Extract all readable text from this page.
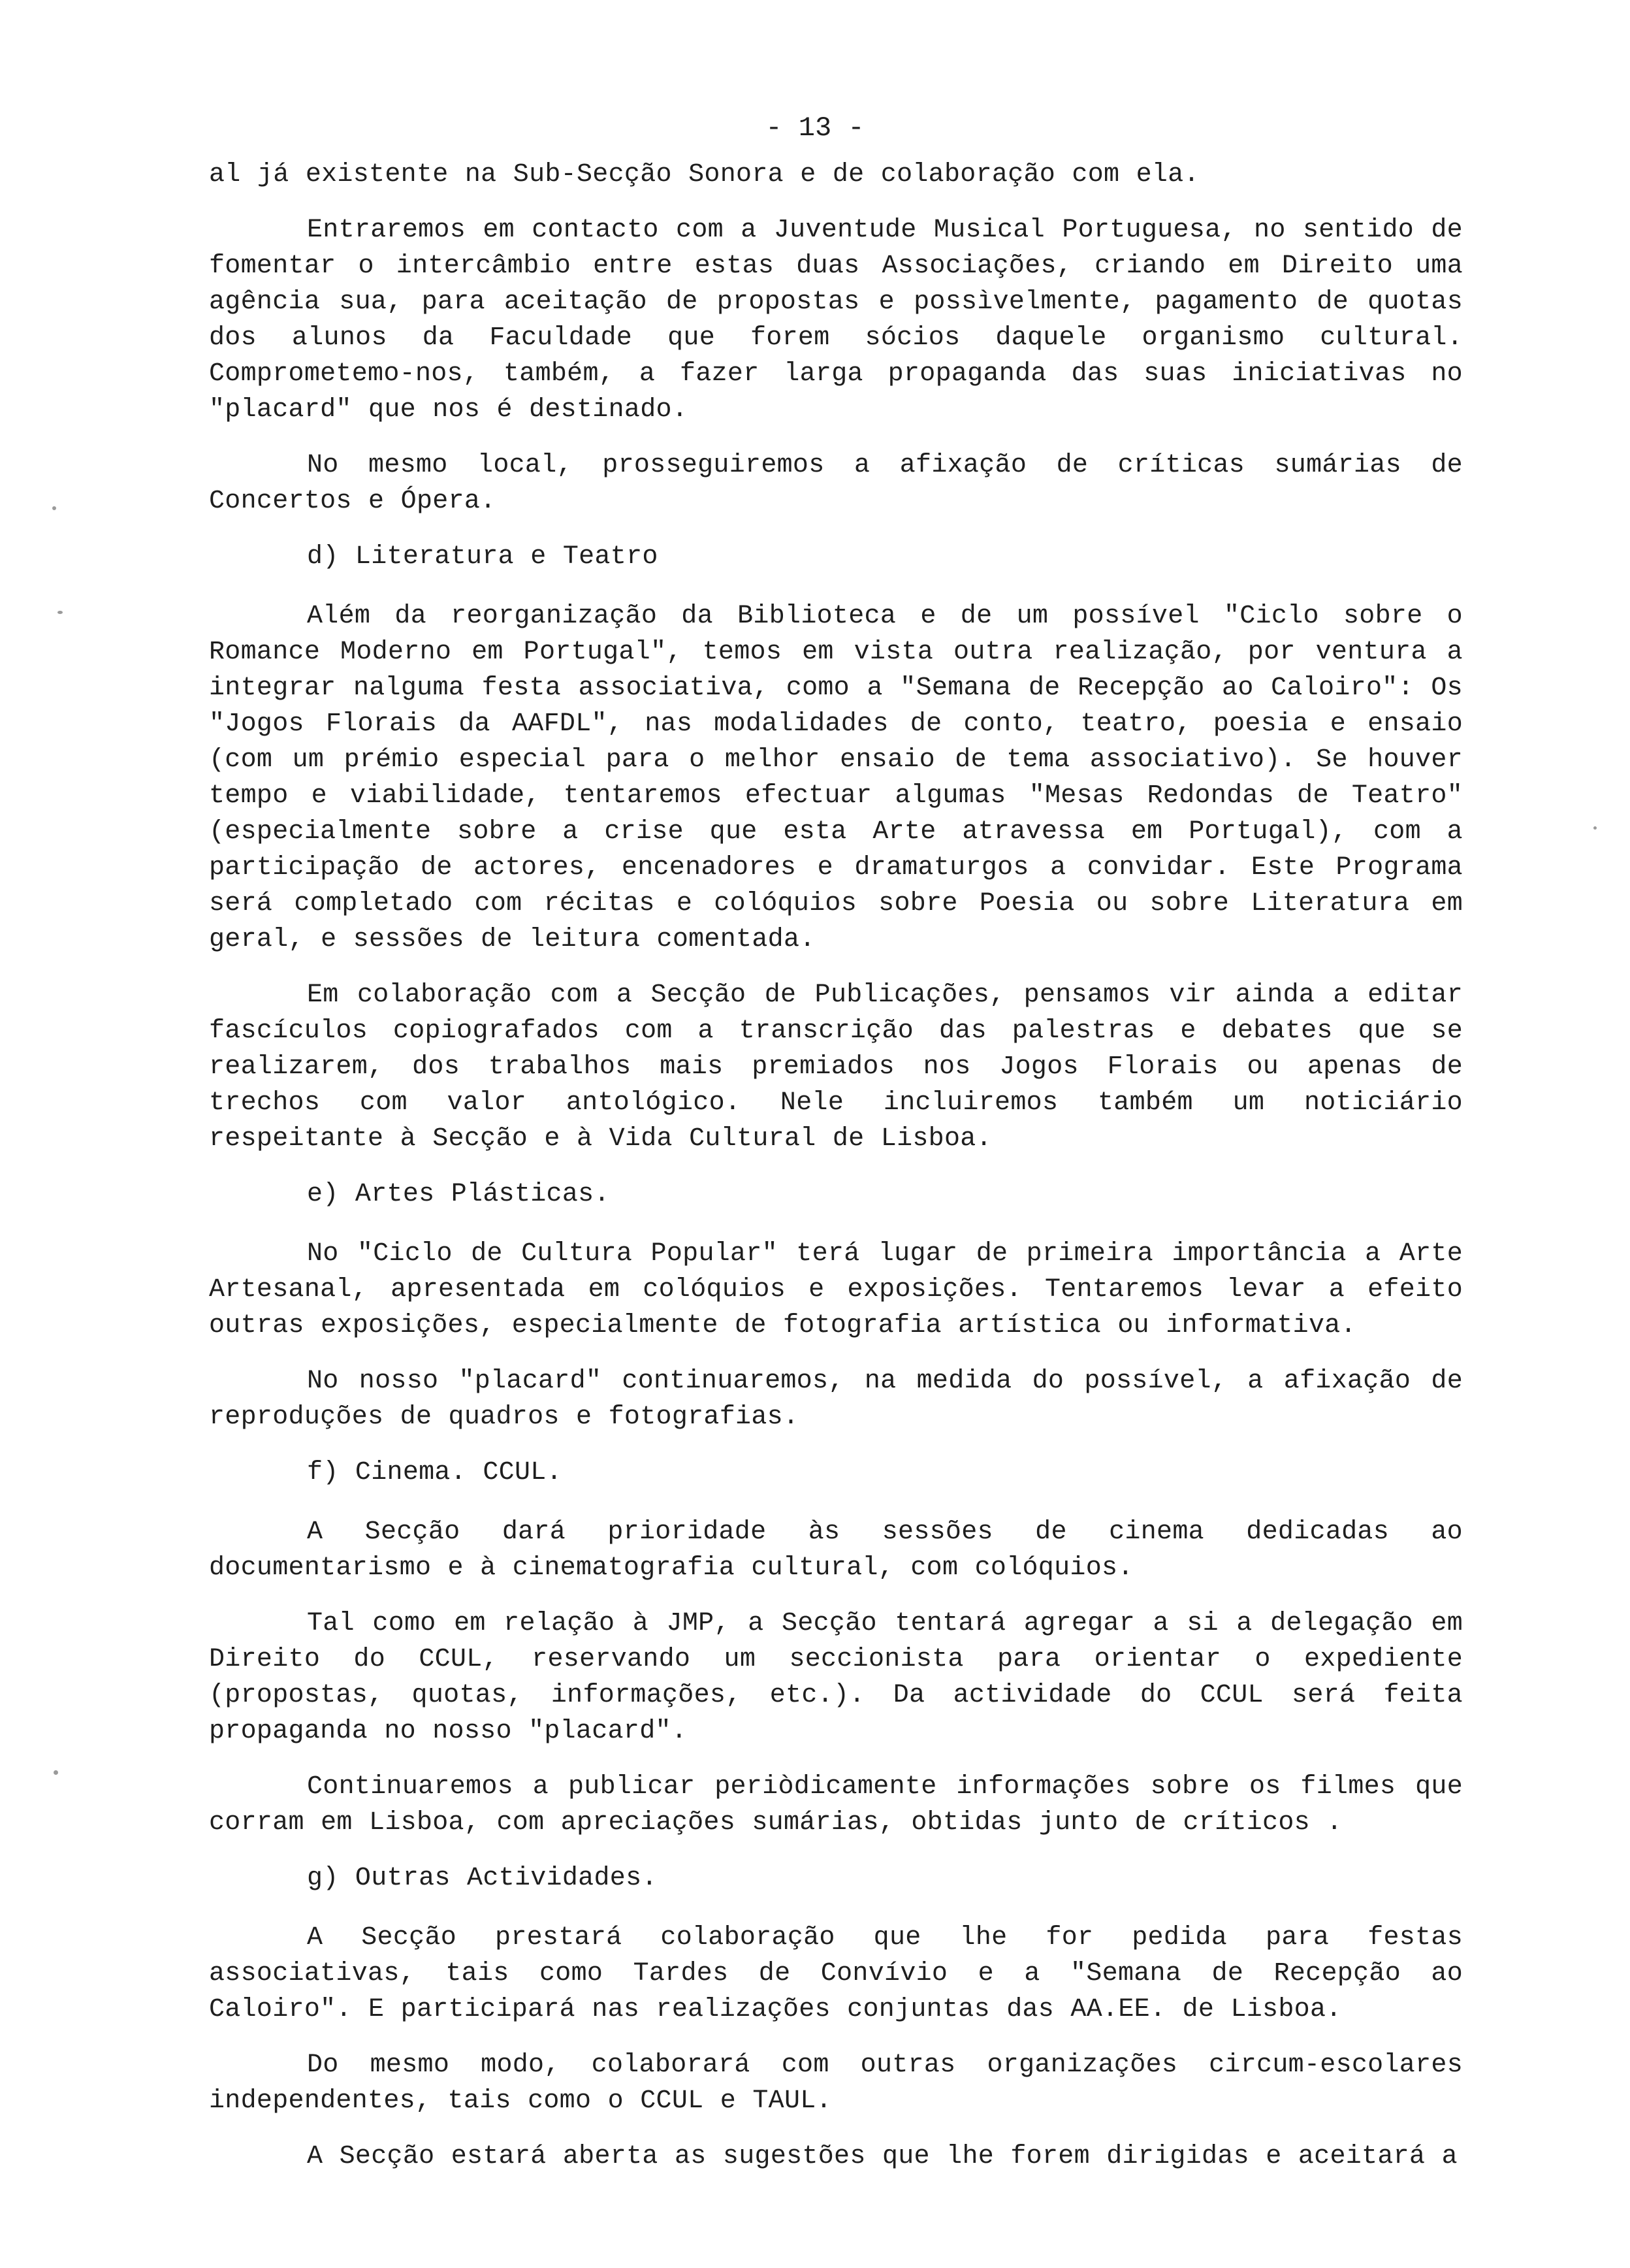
- 13 -

al já existente na Sub-Secção Sonora e de colaboração com ela.

Entraremos em contacto com a Juventude Musical Portuguesa, no sentido de fomentar o intercâmbio entre estas duas Associações, criando em Direito uma agência sua, para aceitação de propostas e possìvelmente, pagamento de quotas dos alunos da Faculdade que forem sócios daquele organismo cultural. Comprometemo-nos, também, a fazer larga propaganda das suas iniciativas no "placard" que nos é destinado.

No mesmo local, prosseguiremos a afixação de críticas sumárias de Concertos e Ópera.

d) Literatura e Teatro

Além da reorganização da Biblioteca e de um possível "Ciclo sobre o Romance Moderno em Portugal", temos em vista outra realização, por ventura a integrar nalguma festa associativa, como a "Semana de Recepção ao Caloiro": Os "Jogos Florais da AAFDL", nas modalidades de conto, teatro, poesia e ensaio (com um prémio especial para o melhor ensaio de tema associativo). Se houver tempo e viabilidade, tentaremos efectuar algumas "Mesas Redondas de Teatro" (especialmente sobre a crise que esta Arte atravessa em Portugal), com a participação de actores, encenadores e dramaturgos a convidar. Este Programa será completado com récitas e colóquios sobre Poesia ou sobre Literatura em geral, e sessões de leitura comentada.

Em colaboração com a Secção de Publicações, pensamos vir ainda a editar fascículos copiografados com a transcrição das palestras e debates que se realizarem, dos trabalhos mais premiados nos Jogos Florais ou apenas de trechos com valor antológico. Nele incluiremos também um noticiário respeitante à Secção e à Vida Cultural de Lisboa.

e) Artes Plásticas.

No "Ciclo de Cultura Popular" terá lugar de primeira importância a Arte Artesanal, apresentada em colóquios e exposições. Tentaremos levar a efeito outras exposições, especialmente de fotografia artística ou informativa.

No nosso "placard" continuaremos, na medida do possível, a afixação de reproduções de quadros e fotografias.

f) Cinema. CCUL.

A Secção dará prioridade às sessões de cinema dedicadas ao documentarismo e à cinematografia cultural, com colóquios.

Tal como em relação à JMP, a Secção tentará agregar a si a delegação em Direito do CCUL, reservando um seccionista para orientar o expediente (propostas, quotas, informações, etc.). Da actividade do CCUL será feita propaganda no nosso "placard".

Continuaremos a publicar periòdicamente informações sobre os filmes que corram em Lisboa, com apreciações sumárias, obtidas junto de críticos .

g) Outras Actividades.

A Secção prestará colaboração que lhe for pedida para festas associativas, tais como Tardes de Convívio e a "Semana de Recepção ao Caloiro". E participará nas realizações conjuntas das AA.EE. de Lisboa.

Do mesmo modo, colaborará com outras organizações circum-escolares independentes, tais como o CCUL e TAUL.

A Secção estará aberta as sugestões que lhe forem dirigidas e aceitará a
